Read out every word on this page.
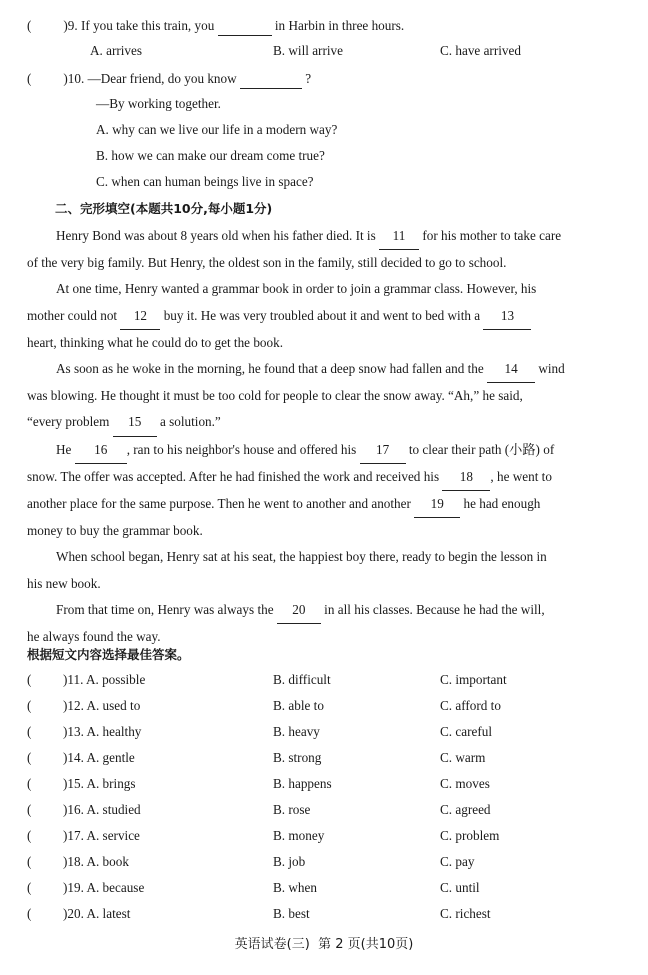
( )9. If you take this train, you	in Harbin in three hours.
A. arrives	B. will arrive	C. have arrived
( )10. —Dear friend, do you know	?
—By working together.
A. why can we live our life in a modern way?
B. how we can make our dream come true?
C. when can human beings live in space?
二、完形填空(本题共10分,每小题1分)
Henry Bond was about 8 years old when his father died. It is 11 for his mother to take care
of the very big family. But Henry, the oldest son in the family, still decided to go to school.
At one time, Henry wanted a grammar book in order to join a grammar class. However, his
mother could not 12 buy it. He was very troubled about it and went to bed with a 13
heart, thinking what he could do to get the book.
As soon as he woke in the morning, he found that a deep snow had fallen and the 14 wind
was blowing. He thought it must be too cold for people to clear the snow away. “Ah,” he said,
“every problem 15 a solution.”
He 16 , ran to his neighbor's house and offered his 17 to clear their path (小路) of
snow. The offer was accepted. After he had finished the work and received his 18 , he went to
another place for the same purpose. Then he went to another and another 19 he had enough
money to buy the grammar book.
When school began, Henry sat at his seat, the happiest boy there, ready to begin the lesson in
his new book.
From that time on, Henry was always the 20 in all his classes. Because he had the will,
he always found the way.
根据短文内容选择最佳答案。
( )11. A. possible	B. difficult	C. important
( )12. A. used to	B. able to	C. afford to
( )13. A. healthy	B. heavy	C. careful
( )14. A. gentle	B. strong	C. warm
( )15. A. brings	B. happens	C. moves
( )16. A. studied	B. rose	C. agreed
( )17. A. service	B. money	C. problem
( )18. A. book	B. job	C. pay
( )19. A. because	B. when	C. until
( )20. A. latest	B. best	C. richest
英语试卷(三)  第 2 页(共10页)
